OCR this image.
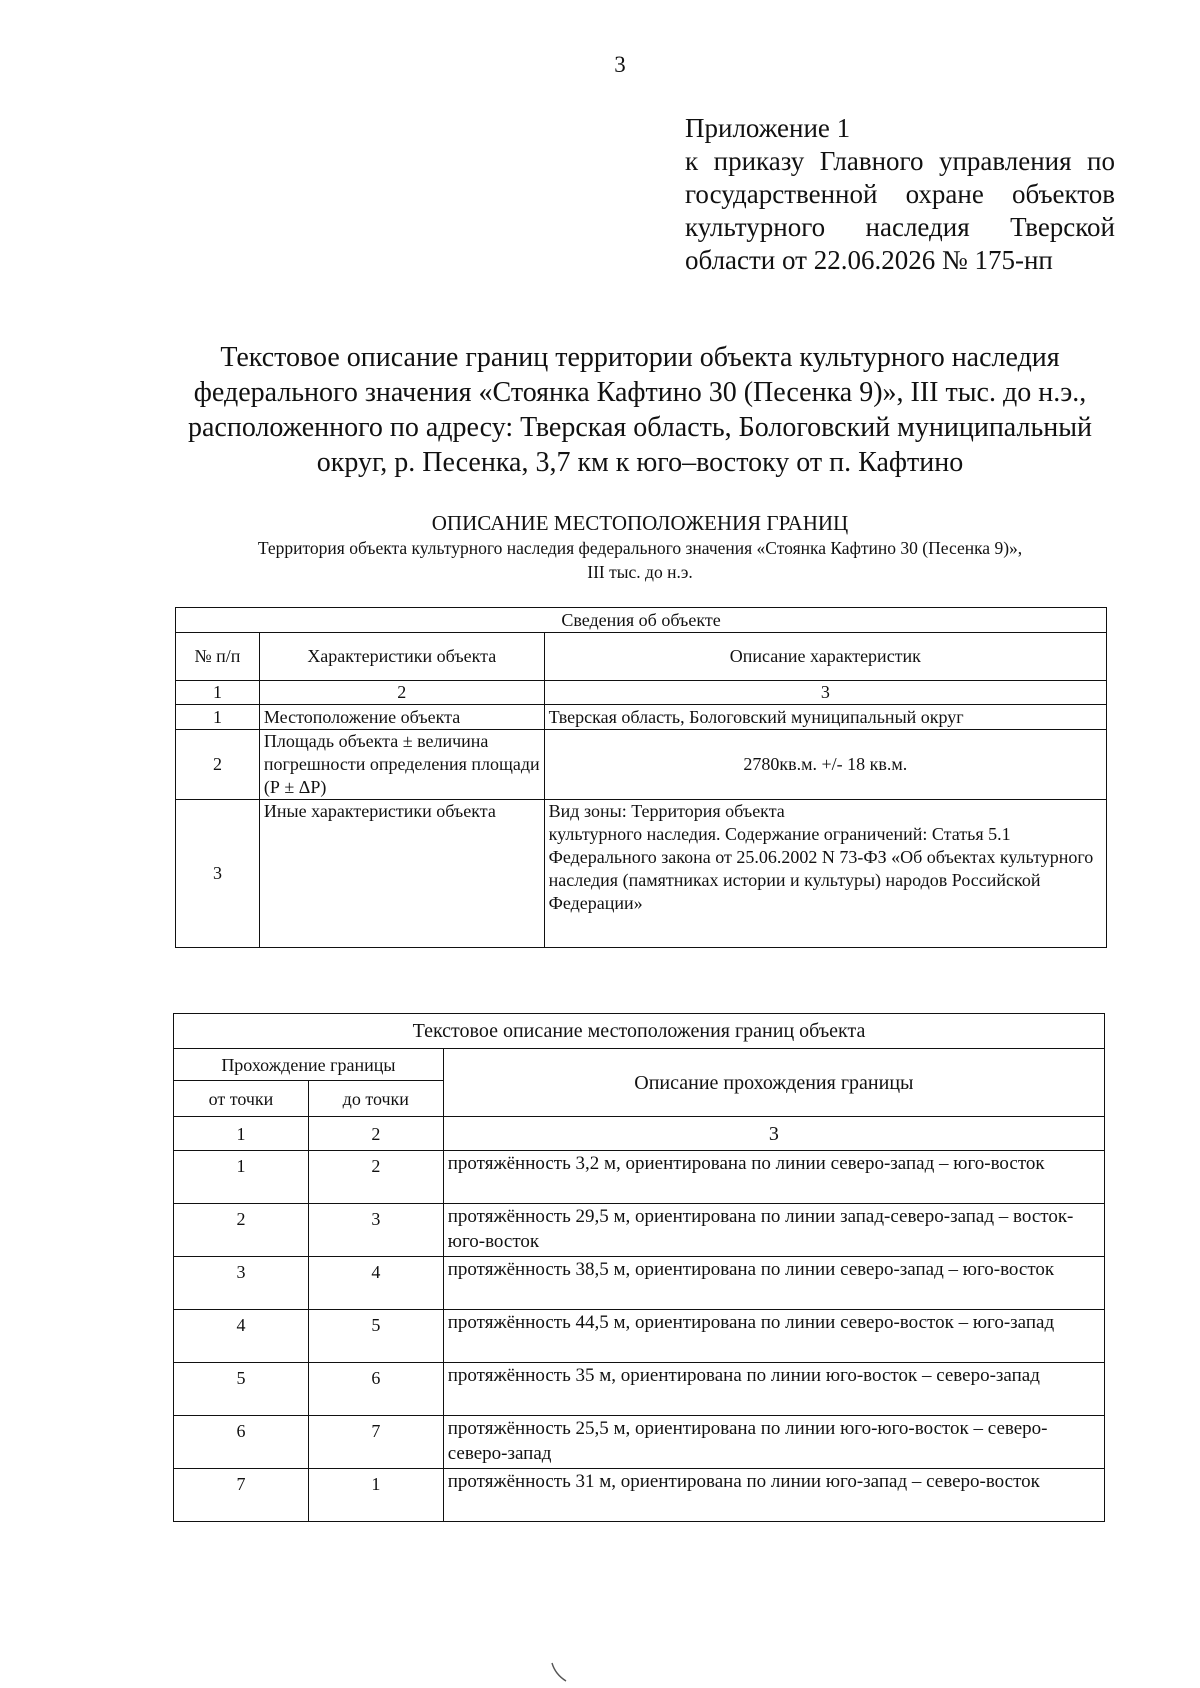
3
Приложение 1
к приказу Главного управления по
государственной охране объектов
культурного наследия Тверской
области от 22.06.2026 № 175-нп
Текстовое описание границ территории объекта культурного наследия
федерального значения «Стоянка Кафтино 30 (Песенка 9)», III тыс. до н.э.,
расположенного по адресу: Тверская область, Бологовский муниципальный
округ, р. Песенка, 3,7 км к юго–востоку от п. Кафтино
ОПИСАНИЕ МЕСТОПОЛОЖЕНИЯ ГРАНИЦ
Территория объекта культурного наследия федерального значения «Стоянка Кафтино 30 (Песенка 9)»,
III тыс. до н.э.
Сведения об объекте		
№ п/п	Характеристики объекта	Описание характеристик
1	2	3
1	Местоположение объекта	Тверская область, Бологовский муниципальный округ
2	Площадь объекта ± величина погрешности определения площади (Р ± ΔР)	2780кв.м. +/- 18 кв.м.
3	Иные характеристики объекта	Вид зоны: Территория объекта
культурного наследия. Содержание ограничений: Статья 5.1 Федерального закона от 25.06.2002 N 73-ФЗ «Об объектах культурного наследия (памятниках истории и культуры) народов Российской Федерации»
Текстовое описание местоположения границ объекта		
Прохождение границы		Описание прохождения границы
от точки	до точки	
1	2	3
1	2	протяжённость 3,2 м, ориентирована по линии северо-запад – юго-восток
2	3	протяжённость 29,5 м, ориентирована по линии запад-северо-запад – восток-юго-восток
3	4	протяжённость 38,5 м, ориентирована по линии северо-запад – юго-восток
4	5	протяжённость 44,5 м, ориентирована по линии северо-восток – юго-запад
5	6	протяжённость 35 м, ориентирована по линии юго-восток – северо-запад
6	7	протяжённость 25,5 м, ориентирована по линии юго-юго-восток – северо-северо-запад
7	1	протяжённость 31 м, ориентирована по линии юго-запад – северо-восток
